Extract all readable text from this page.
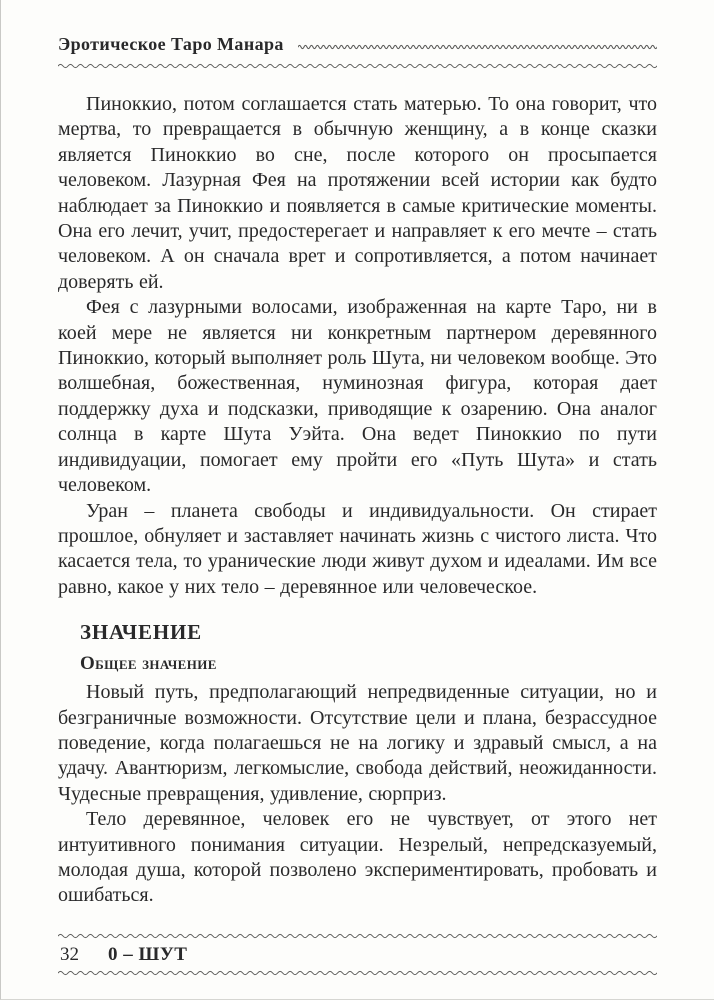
Эротическое Таро Манара

Пиноккио, потом соглашается стать матерью. То она говорит, что мертва, то превращается в обычную женщину, а в конце сказки является Пиноккио во сне, после которого он просыпается человеком. Лазурная Фея на протяжении всей истории как будто наблюдает за Пиноккио и появляется в самые критические моменты. Она его лечит, учит, предостерегает и направляет к его мечте – стать человеком. А он сначала врет и сопротивляется, а потом начинает доверять ей.

Фея с лазурными волосами, изображенная на карте Таро, ни в коей мере не является ни конкретным партнером деревянного Пиноккио, который выполняет роль Шута, ни человеком вообще. Это волшебная, божественная, нуминозная фигура, которая дает поддержку духа и подсказки, приводящие к озарению. Она аналог солнца в карте Шута Уэйта. Она ведет Пиноккио по пути индивидуации, помогает ему пройти его «Путь Шута» и стать человеком.

Уран – планета свободы и индивидуальности. Он стирает прошлое, обнуляет и заставляет начинать жизнь с чистого листа. Что касается тела, то уранические люди живут духом и идеалами. Им все равно, какое у них тело – деревянное или человеческое.

ЗНАЧЕНИЕ
Общее значение

Новый путь, предполагающий непредвиденные ситуации, но и безграничные возможности. Отсутствие цели и плана, безрассудное поведение, когда полагаешься не на логику и здравый смысл, а на удачу. Авантюризм, легкомыслие, свобода действий, неожиданности. Чудесные превращения, удивление, сюрприз.

Тело деревянное, человек его не чувствует, от этого нет интуитивного понимания ситуации. Незрелый, непредсказуемый, молодая душа, которой позволено экспериментировать, пробовать и ошибаться.

32	0 – ШУТ
